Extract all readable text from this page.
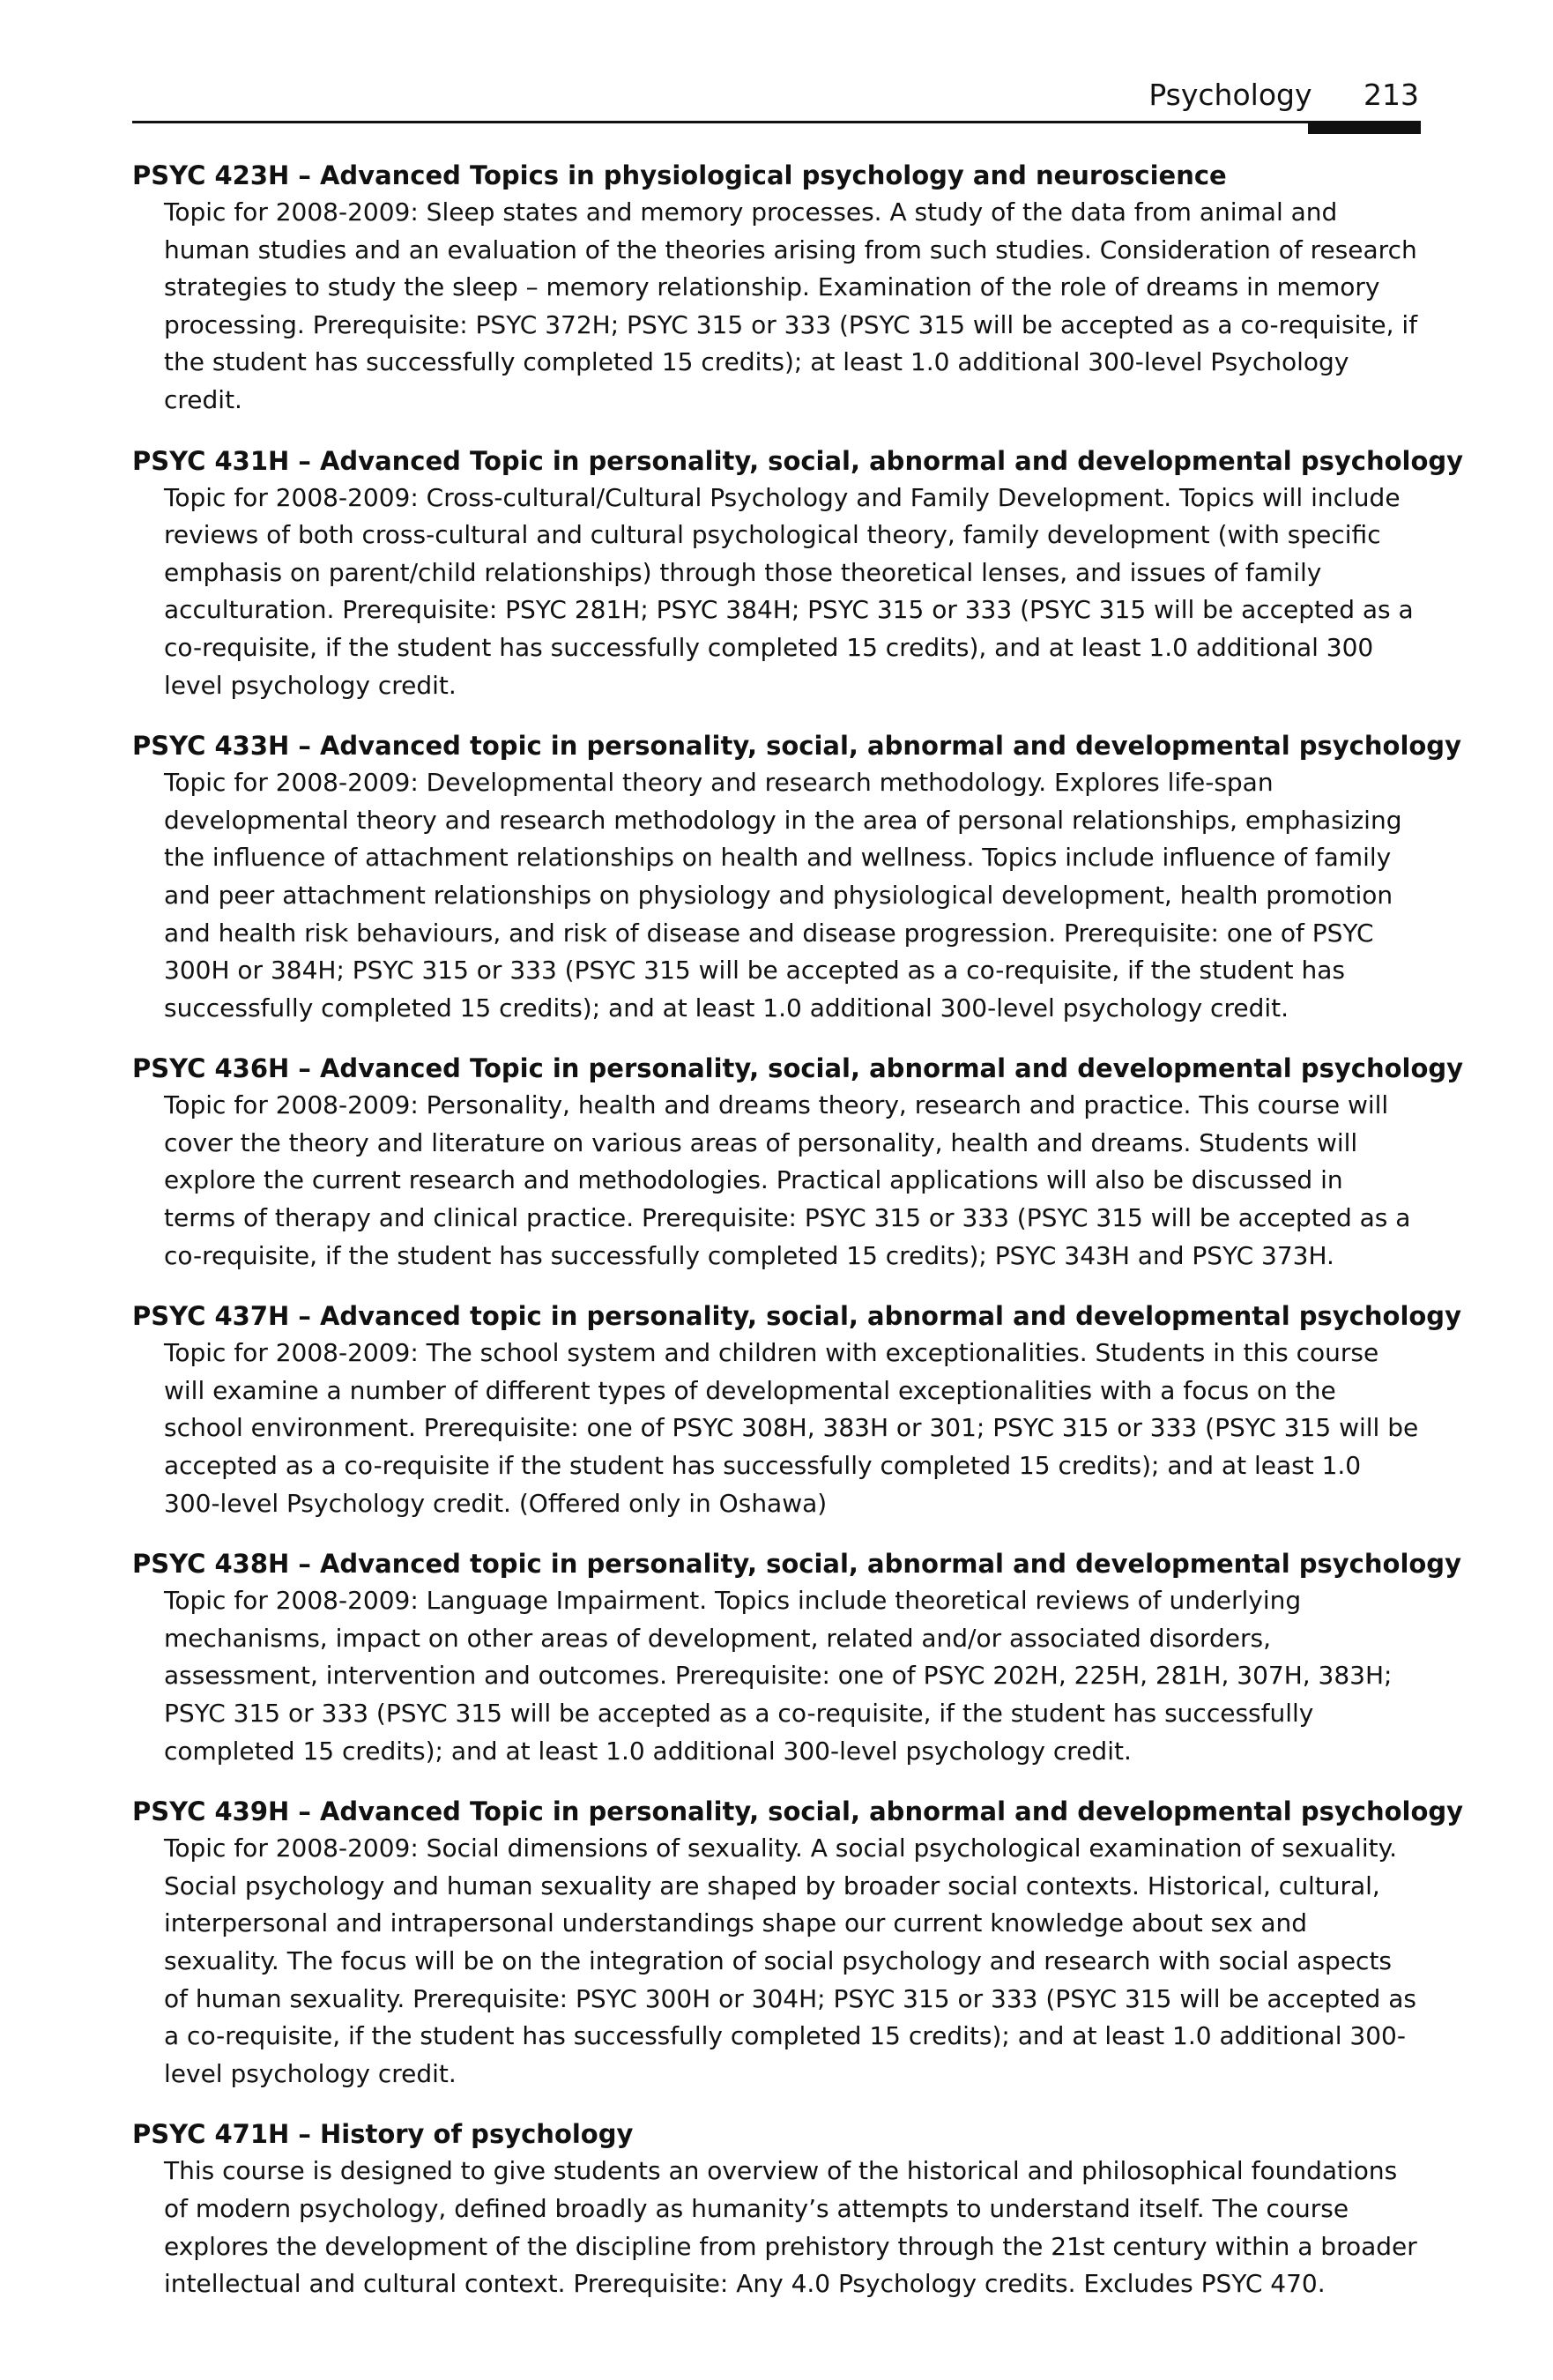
Psychology 213
PSYC 423H – Advanced Topics in physiological psychology and neuroscience

Topic for 2008-2009: Sleep states and memory processes. A study of the data from animal and human studies and an evaluation of the theories arising from such studies. Consideration of research strategies to study the sleep – memory relationship. Examination of the role of dreams in memory processing. Prerequisite: PSYC 372H; PSYC 315 or 333 (PSYC 315 will be accepted as a co-requisite, if the student has successfully completed 15 credits); at least 1.0 additional 300-level Psychology credit.

PSYC 431H – Advanced Topic in personality, social, abnormal and developmental psychology

Topic for 2008-2009: Cross-cultural/Cultural Psychology and Family Development. Topics will include reviews of both cross-cultural and cultural psychological theory, family development (with specific emphasis on parent/child relationships) through those theoretical lenses, and issues of family acculturation. Prerequisite: PSYC 281H; PSYC 384H; PSYC 315 or 333 (PSYC 315 will be accepted as a co-requisite, if the student has successfully completed 15 credits), and at least 1.0 additional 300 level psychology credit.

PSYC 433H – Advanced topic in personality, social, abnormal and developmental psychology

Topic for 2008-2009: Developmental theory and research methodology. Explores life-span developmental theory and research methodology in the area of personal relationships, emphasizing the influence of attachment relationships on health and wellness. Topics include influence of family and peer attachment relationships on physiology and physiological development, health promotion and health risk behaviours, and risk of disease and disease progression. Prerequisite: one of PSYC 300H or 384H; PSYC 315 or 333 (PSYC 315 will be accepted as a co-requisite, if the student has successfully completed 15 credits); and at least 1.0 additional 300-level psychology credit.

PSYC 436H – Advanced Topic in personality, social, abnormal and developmental psychology

Topic for 2008-2009: Personality, health and dreams theory, research and practice. This course will cover the theory and literature on various areas of personality, health and dreams. Students will explore the current research and methodologies. Practical applications will also be discussed in terms of therapy and clinical practice. Prerequisite: PSYC 315 or 333 (PSYC 315 will be accepted as a co-requisite, if the student has successfully completed 15 credits); PSYC 343H and PSYC 373H.

PSYC 437H – Advanced topic in personality, social, abnormal and developmental psychology

Topic for 2008-2009: The school system and children with exceptionalities. Students in this course will examine a number of different types of developmental exceptionalities with a focus on the school environment. Prerequisite: one of PSYC 308H, 383H or 301; PSYC 315 or 333 (PSYC 315 will be accepted as a co-requisite if the student has successfully completed 15 credits); and at least 1.0 300-level Psychology credit. (Offered only in Oshawa)

PSYC 438H – Advanced topic in personality, social, abnormal and developmental psychology

Topic for 2008-2009: Language Impairment. Topics include theoretical reviews of underlying mechanisms, impact on other areas of development, related and/or associated disorders, assessment, intervention and outcomes. Prerequisite: one of PSYC 202H, 225H, 281H, 307H, 383H; PSYC 315 or 333 (PSYC 315 will be accepted as a co-requisite, if the student has successfully completed 15 credits); and at least 1.0 additional 300-level psychology credit.

PSYC 439H – Advanced Topic in personality, social, abnormal and developmental psychology

Topic for 2008-2009: Social dimensions of sexuality. A social psychological examination of sexuality. Social psychology and human sexuality are shaped by broader social contexts. Historical, cultural, interpersonal and intrapersonal understandings shape our current knowledge about sex and sexuality. The focus will be on the integration of social psychology and research with social aspects of human sexuality. Prerequisite: PSYC 300H or 304H; PSYC 315 or 333 (PSYC 315 will be accepted as a co-requisite, if the student has successfully completed 15 credits); and at least 1.0 additional 300-level psychology credit.

PSYC 471H – History of psychology

This course is designed to give students an overview of the historical and philosophical foundations of modern psychology, defined broadly as humanity’s attempts to understand itself. The course explores the development of the discipline from prehistory through the 21st century within a broader intellectual and cultural context. Prerequisite: Any 4.0 Psychology credits. Excludes PSYC 470.
